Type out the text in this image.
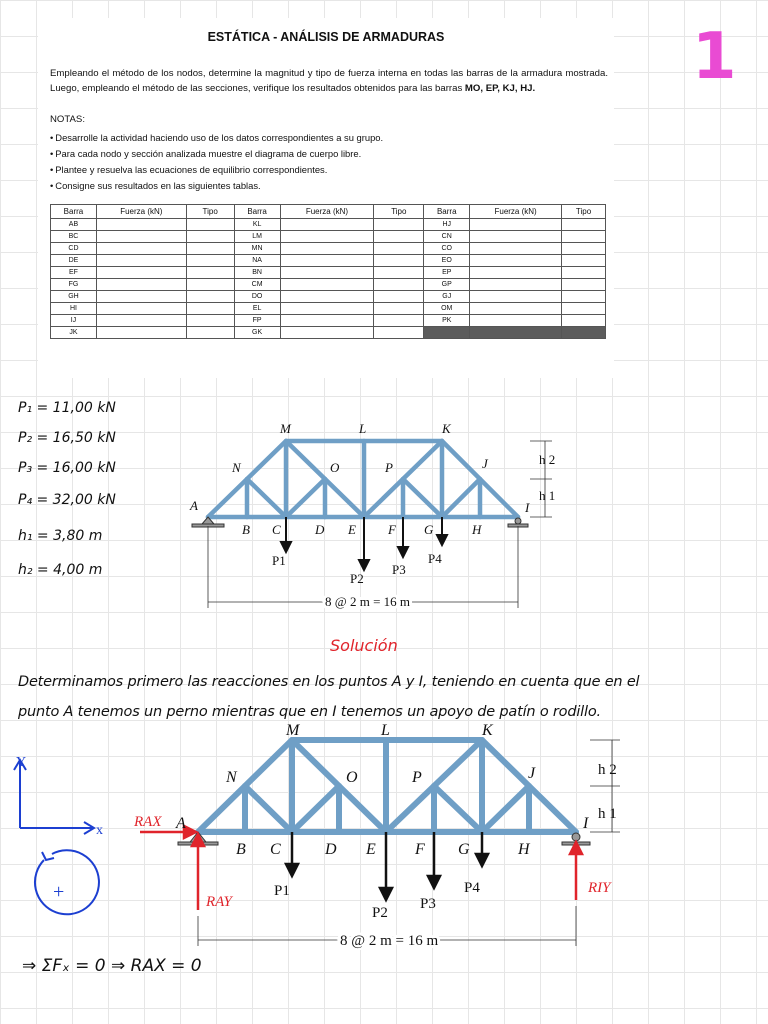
1
ESTÁTICA - ANÁLISIS DE ARMADURAS
Empleando el método de los nodos, determine la magnitud y tipo de fuerza interna en todas las barras de la armadura mostrada. Luego, empleando el método de las secciones, verifique los resultados obtenidos para las barras MO, EP, KJ, HJ.
NOTAS:
• Desarrolle la actividad haciendo uso de los datos correspondientes a su grupo.
• Para cada nodo y sección analizada muestre el diagrama de cuerpo libre.
• Plantee y resuelva las ecuaciones de equilibrio correspondientes.
• Consigne sus resultados en las siguientes tablas.
Barra	Fuerza (kN)	Tipo	Barra	Fuerza (kN)	Tipo	Barra	Fuerza (kN)	Tipo
AB			KL			HJ		
BC			LM			CN		
CD			MN			CO		
DE			NA			EO		
EF			BN			EP		
FG			CM			GP		
GH			DO			GJ		
HI			EL			OM		
IJ			FP			PK		
JK			GK					
P₁ = 11,00 kN
P₂ = 16,50 kN
P₃ = 16,00 kN
P₄ = 32,00 kN
h₁ = 3,80 m
h₂ = 4,00 m
M	L	K
N	O	P	J
A
B C	D E F G	H
I
P1
P2
P3
P4
h 2
h 1
8 @ 2 m = 16 m
Solución
Determinamos primero las reacciones en los puntos A y I, teniendo en cuenta que en el
punto A tenemos un perno mientras que en I tenemos un apoyo de patín o rodillo.
Y
x
+
M	L	K
N	O	P	J
A
B C	D E F G	H
I
P1
P2
P3
P4
h 2
h 1
8 @ 2 m = 16 m
RAX
RAY
RIY
⇒ ΣFₓ = 0 ⇒ RAX = 0
